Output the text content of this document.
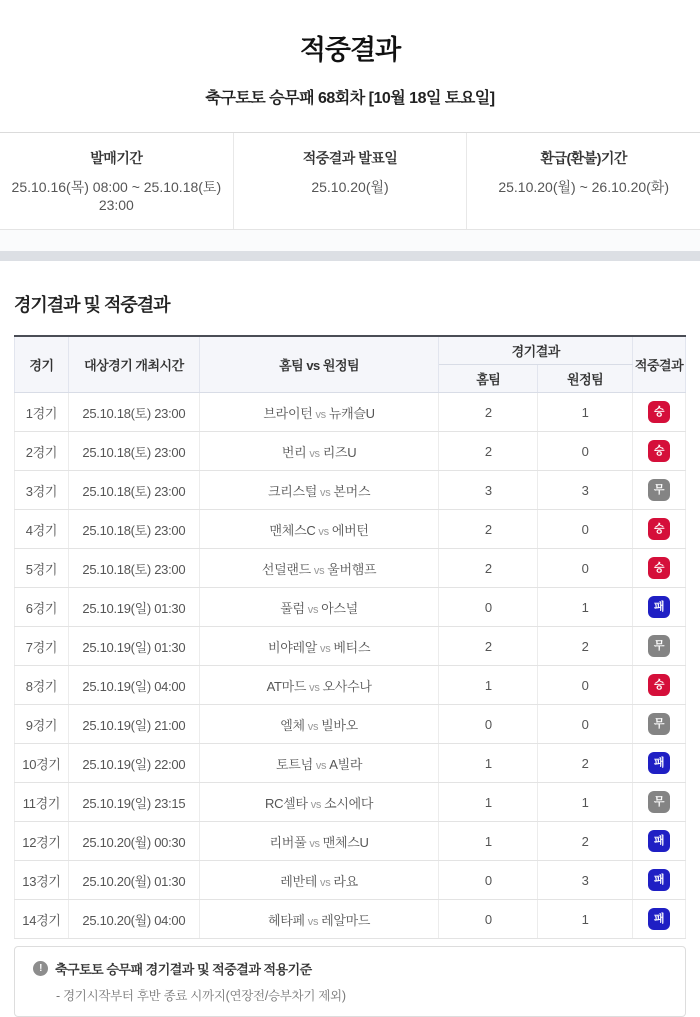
적중결과
축구토토 승무패 68회차 [10월 18일 토요일]
발매기간
25.10.16(목) 08:00 ~ 25.10.18(토) 23:00
적중결과 발표일
25.10.20(월)
환급(환불)기간
25.10.20(월) ~ 26.10.20(화)
경기결과 및 적중결과
경기	대상경기 개최시간	홈팀 vs 원정팀	경기결과		적중결과
			홈팀	원정팀	
1경기	25.10.18(토) 23:00	브라이턴 vs 뉴캐슬U	2	1	승
2경기	25.10.18(토) 23:00	번리 vs 리즈U	2	0	승
3경기	25.10.18(토) 23:00	크리스털 vs 본머스	3	3	무
4경기	25.10.18(토) 23:00	맨체스C vs 에버턴	2	0	승
5경기	25.10.18(토) 23:00	선덜랜드 vs 울버햄프	2	0	승
6경기	25.10.19(일) 01:30	풀럼 vs 아스널	0	1	패
7경기	25.10.19(일) 01:30	비야레알 vs 베티스	2	2	무
8경기	25.10.19(일) 04:00	AT마드 vs 오사수나	1	0	승
9경기	25.10.19(일) 21:00	엘체 vs 빌바오	0	0	무
10경기	25.10.19(일) 22:00	토트넘 vs A빌라	1	2	패
11경기	25.10.19(일) 23:15	RC셀타 vs 소시에다	1	1	무
12경기	25.10.20(월) 00:30	리버풀 vs 맨체스U	1	2	패
13경기	25.10.20(월) 01:30	레반테 vs 라요	0	3	패
14경기	25.10.20(월) 04:00	헤타페 vs 레알마드	0	1	패
!	축구토토 승무패 경기결과 및 적중결과 적용기준
- 경기시작부터 후반 종료 시까지(연장전/승부차기 제외)
